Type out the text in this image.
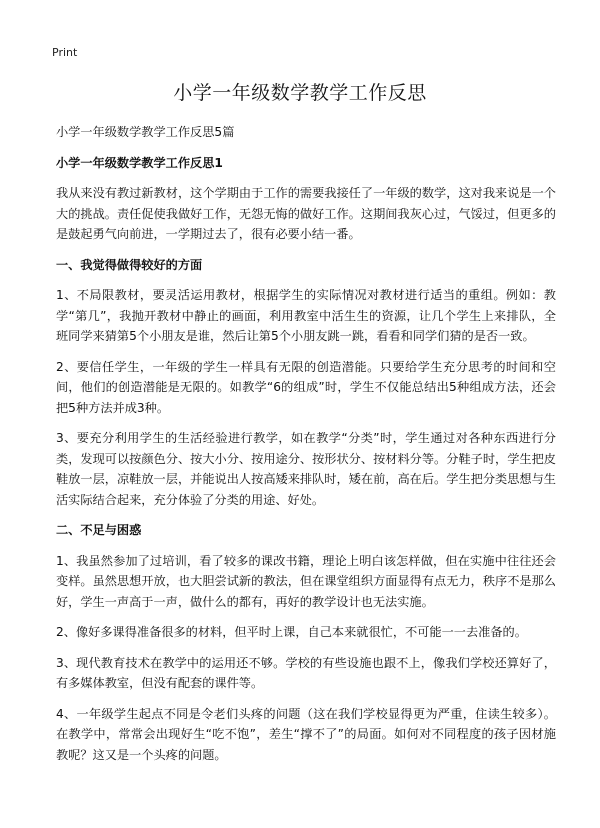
Print
小学一年级数学教学工作反思

小学一年级数学教学工作反思5篇

小学一年级数学教学工作反思1

我从来没有教过新教材，这个学期由于工作的需要我接任了一年级的数学，这对我来说是一个大的挑战。责任促使我做好工作，无怨无悔的做好工作。这期间我灰心过，气馁过，但更多的是鼓起勇气向前进，一学期过去了，很有必要小结一番。

一、我觉得做得较好的方面

1、不局限教材，要灵活运用教材，根据学生的实际情况对教材进行适当的重组。例如：教学“第几”，我抛开教材中静止的画面，利用教室中活生生的资源，让几个学生上来排队，全班同学来猜第5个小朋友是谁，然后让第5个小朋友跳一跳，看看和同学们猜的是否一致。

2、要信任学生，一年级的学生一样具有无限的创造潜能。只要给学生充分思考的时间和空间，他们的创造潜能是无限的。如教学“6的组成”时，学生不仅能总结出5种组成方法，还会把5种方法并成3种。

3、要充分利用学生的生活经验进行教学，如在教学“分类”时，学生通过对各种东西进行分类，发现可以按颜色分、按大小分、按用途分、按形状分、按材料分等。分鞋子时，学生把皮鞋放一层，凉鞋放一层，并能说出人按高矮来排队时，矮在前，高在后。学生把分类思想与生活实际结合起来，充分体验了分类的用途、好处。

二、不足与困惑

1、我虽然参加了过培训，看了较多的课改书籍，理论上明白该怎样做，但在实施中往往还会变样。虽然思想开放，也大胆尝试新的教法，但在课堂组织方面显得有点无力，秩序不是那么好，学生一声高于一声，做什么的都有，再好的教学设计也无法实施。

2、像好多课得准备很多的材料，但平时上课，自己本来就很忙，不可能一一去准备的。

3、现代教育技术在教学中的运用还不够。学校的有些设施也跟不上，像我们学校还算好了，有多媒体教室，但没有配套的课件等。

4、一年级学生起点不同是令老们头疼的问题（这在我们学校显得更为严重，住读生较多）。在教学中，常常会出现好生“吃不饱”，差生“撑不了”的局面。如何对不同程度的孩子因材施教呢？这又是一个头疼的问题。
